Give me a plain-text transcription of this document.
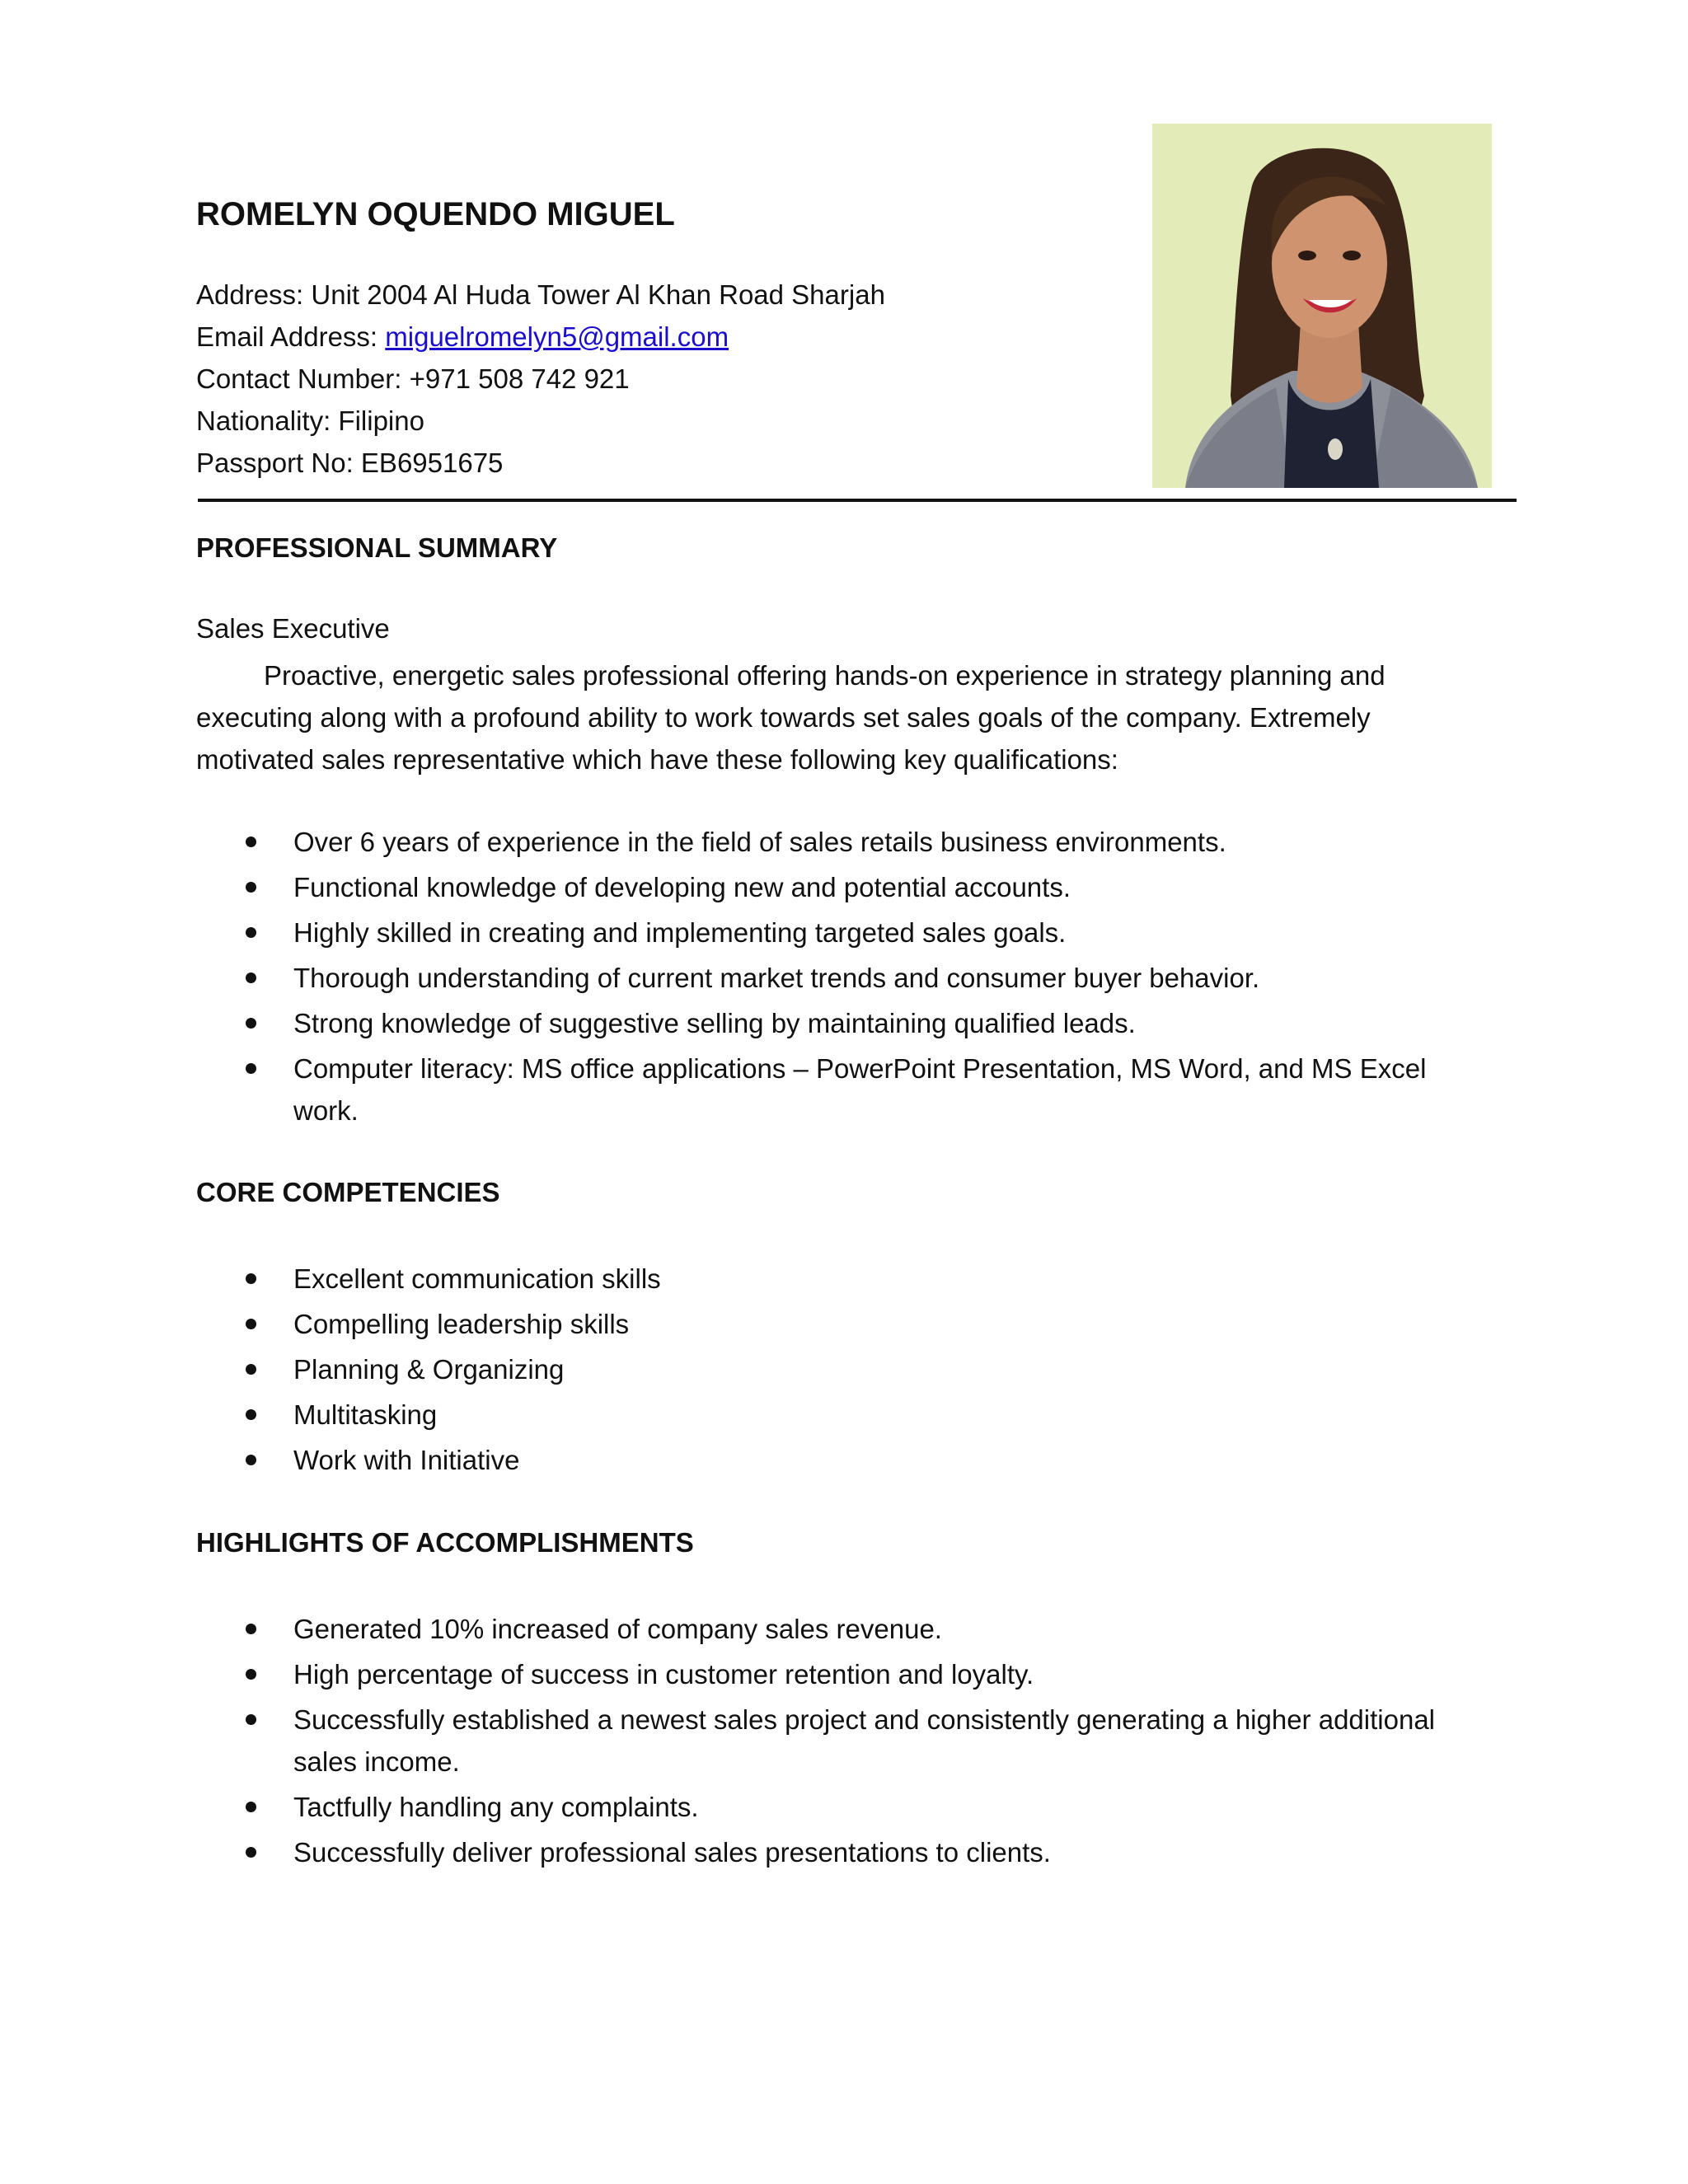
ROMELYN OQUENDO MIGUEL
Address: Unit 2004 Al Huda Tower Al Khan Road Sharjah
Email Address: miguelromelyn5@gmail.com
Contact Number: +971 508 742 921
Nationality: Filipino
Passport No: EB6951675
PROFESSIONAL SUMMARY
Sales Executive

Proactive, energetic sales professional offering hands-on experience in strategy planning and executing along with a profound ability to work towards set sales goals of the company. Extremely motivated sales representative which have these following key qualifications:

Over 6 years of experience in the field of sales retails business environments.
Functional knowledge of developing new and potential accounts.
Highly skilled in creating and implementing targeted sales goals.
Thorough understanding of current market trends and consumer buyer behavior.
Strong knowledge of suggestive selling by maintaining qualified leads.
Computer literacy: MS office applications – PowerPoint Presentation, MS Word, and MS Excel work.
CORE COMPETENCIES
Excellent communication skills
Compelling leadership skills
Planning & Organizing
Multitasking
Work with Initiative
HIGHLIGHTS OF ACCOMPLISHMENTS
Generated 10% increased of company sales revenue.
High percentage of success in customer retention and loyalty.
Successfully established a newest sales project and consistently generating a higher additional sales income.
Tactfully handling any complaints.
Successfully deliver professional sales presentations to clients.
